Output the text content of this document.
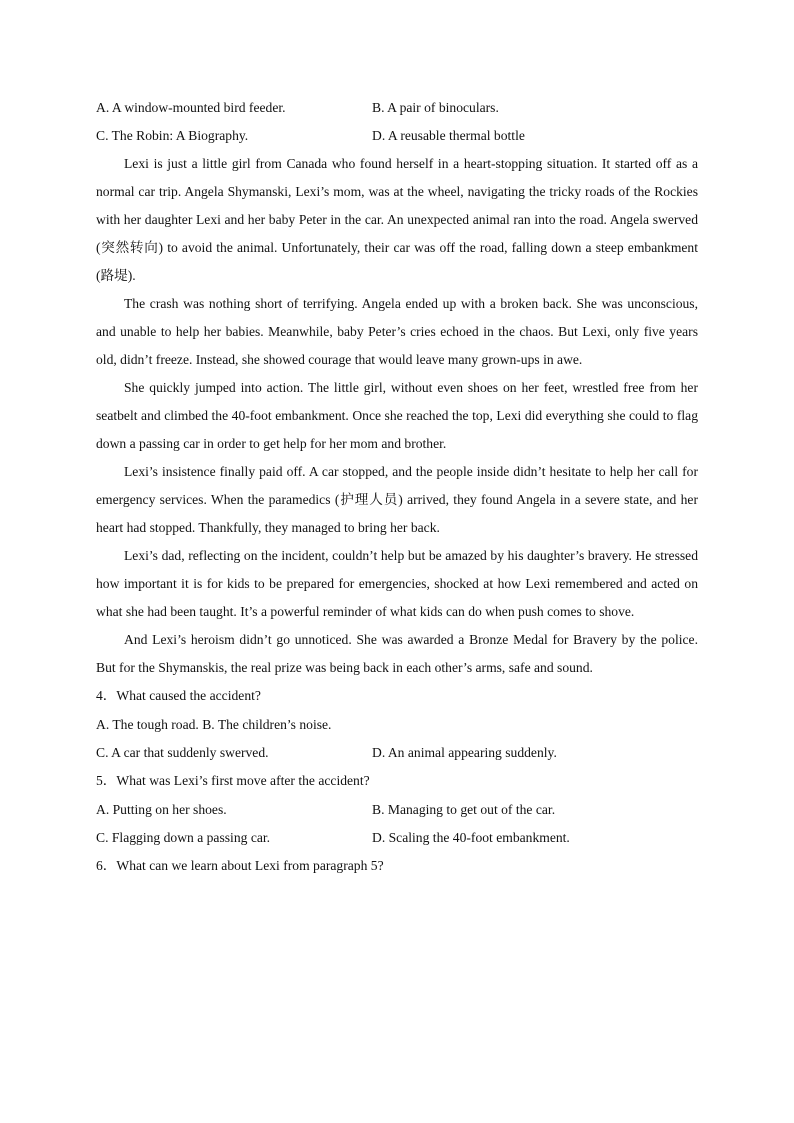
A. A window-mounted bird feeder.	B. A pair of binoculars.
C. The Robin: A Biography.	D. A reusable thermal bottle

Lexi is just a little girl from Canada who found herself in a heart-stopping situation. It started off as a normal car trip. Angela Shymanski, Lexi’s mom, was at the wheel, navigating the tricky roads of the Rockies with her daughter Lexi and her baby Peter in the car. An unexpected animal ran into the road. Angela swerved (突然转向) to avoid the animal. Unfortunately, their car was off the road, falling down a steep embankment (路堤).

The crash was nothing short of terrifying. Angela ended up with a broken back. She was unconscious, and unable to help her babies. Meanwhile, baby Peter’s cries echoed in the chaos. But Lexi, only five years old, didn’t freeze. Instead, she showed courage that would leave many grown-ups in awe.

She quickly jumped into action. The little girl, without even shoes on her feet, wrestled free from her seatbelt and climbed the 40-foot embankment. Once she reached the top, Lexi did everything she could to flag down a passing car in order to get help for her mom and brother.

Lexi’s insistence finally paid off. A car stopped, and the people inside didn’t hesitate to help her call for emergency services. When the paramedics (护理人员) arrived, they found Angela in a severe state, and her heart had stopped. Thankfully, they managed to bring her back.

Lexi’s dad, reflecting on the incident, couldn’t help but be amazed by his daughter’s bravery. He stressed how important it is for kids to be prepared for emergencies, shocked at how Lexi remembered and acted on what she had been taught. It’s a powerful reminder of what kids can do when push comes to shove.

And Lexi’s heroism didn’t go unnoticed. She was awarded a Bronze Medal for Bravery by the police. But for the Shymanskis, the real prize was being back in each other’s arms, safe and sound.

4．What caused the accident?

A. The tough road. B. The children’s noise.
C. A car that suddenly swerved.	D. An animal appearing suddenly.

5．What was Lexi’s first move after the accident?

A. Putting on her shoes.	B. Managing to get out of the car.
C. Flagging down a passing car.	D. Scaling the 40-foot embankment.

6．What can we learn about Lexi from paragraph 5?
